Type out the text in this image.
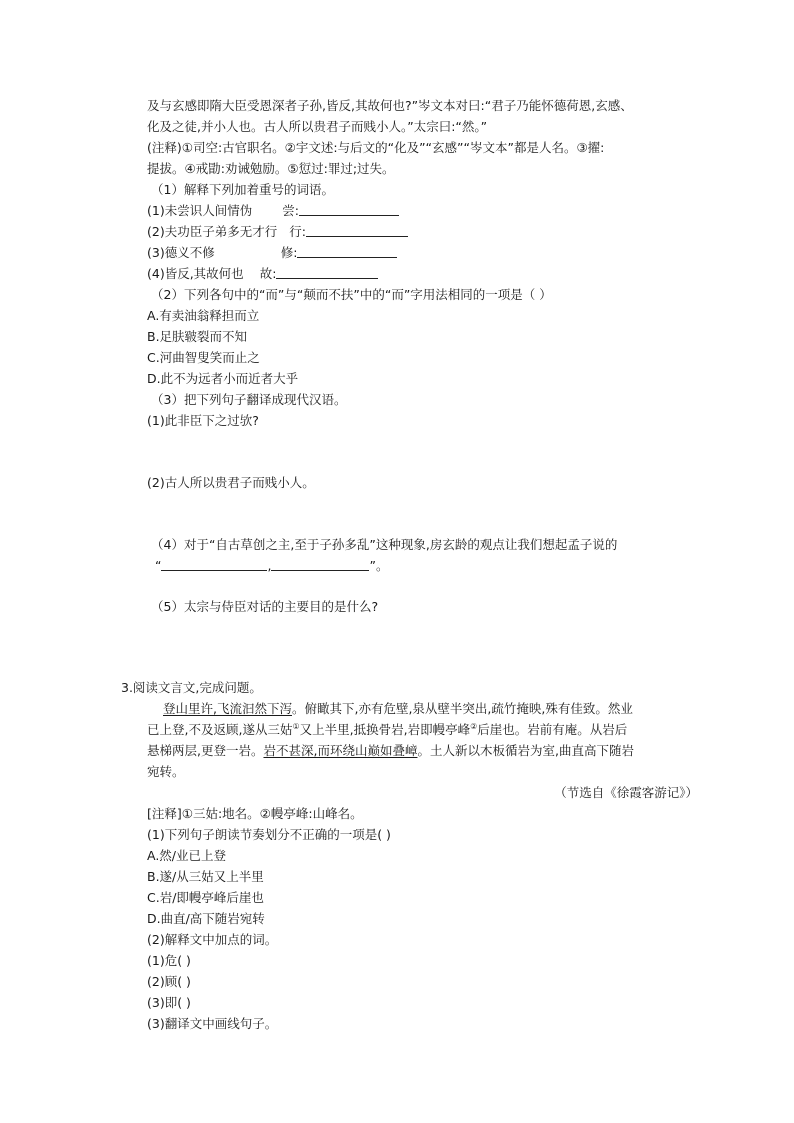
及与玄感即隋大臣受恩深者子孙,皆反,其故何也?”岑文本对曰:“君子乃能怀德荷恩,玄感、
化及之徒,并小人也。古人所以贵君子而贱小人。”太宗曰:“然。”
(注释)①司空:古官职名。②宇文述:与后文的“化及”“玄感”“岑文本”都是人名。③擢:
提拔。④戒勖:劝诫勉励。⑤愆过:罪过;过失。
（1）解释下列加着重号的词语。
(1)未尝识人间情伪 尝:
(2)夫功臣子弟多无才行 行:
(3)德义不修	修:
(4)皆反,其故何也 故:
（2）下列各句中的“而”与“颠而不扶”中的“而”字用法相同的一项是（ ）
A.有卖油翁释担而立
B.足肤皲裂而不知
C.河曲智叟笑而止之
D.此不为远者小而近者大乎
（3）把下列句子翻译成现代汉语。
(1)此非臣下之过欤?
(2)古人所以贵君子而贱小人。
（4）对于“自古草创之主,至于子孙多乱”这种现象,房玄龄的观点让我们想起孟子说的
“	,	”。
（5）太宗与侍臣对话的主要目的是什么?
3.阅读文言文,完成问题。
登山里许,飞流汩然下泻。俯瞰其下,亦有危壁,泉从壁半突出,疏竹掩映,殊有佳致。然业
已上登,不及返顾,遂从三姑①又上半里,抵换骨岩,岩即幔亭峰②后崖也。岩前有庵。从岩后
悬梯两层,更登一岩。岩不甚深,而环绕山巅如叠嶂。土人新以木板循岩为室,曲直高下随岩
宛转。
（节选自《徐霞客游记》）
[注释]①三姑:地名。②幔亭峰:山峰名。
(1)下列句子朗读节奏划分不正确的一项是( )
A.然/业已上登
B.遂/从三姑又上半里
C.岩/即幔亭峰后崖也
D.曲直/高下随岩宛转
(2)解释文中加点的词。
(1)危( )
(2)顾( )
(3)即( )
(3)翻译文中画线句子。
